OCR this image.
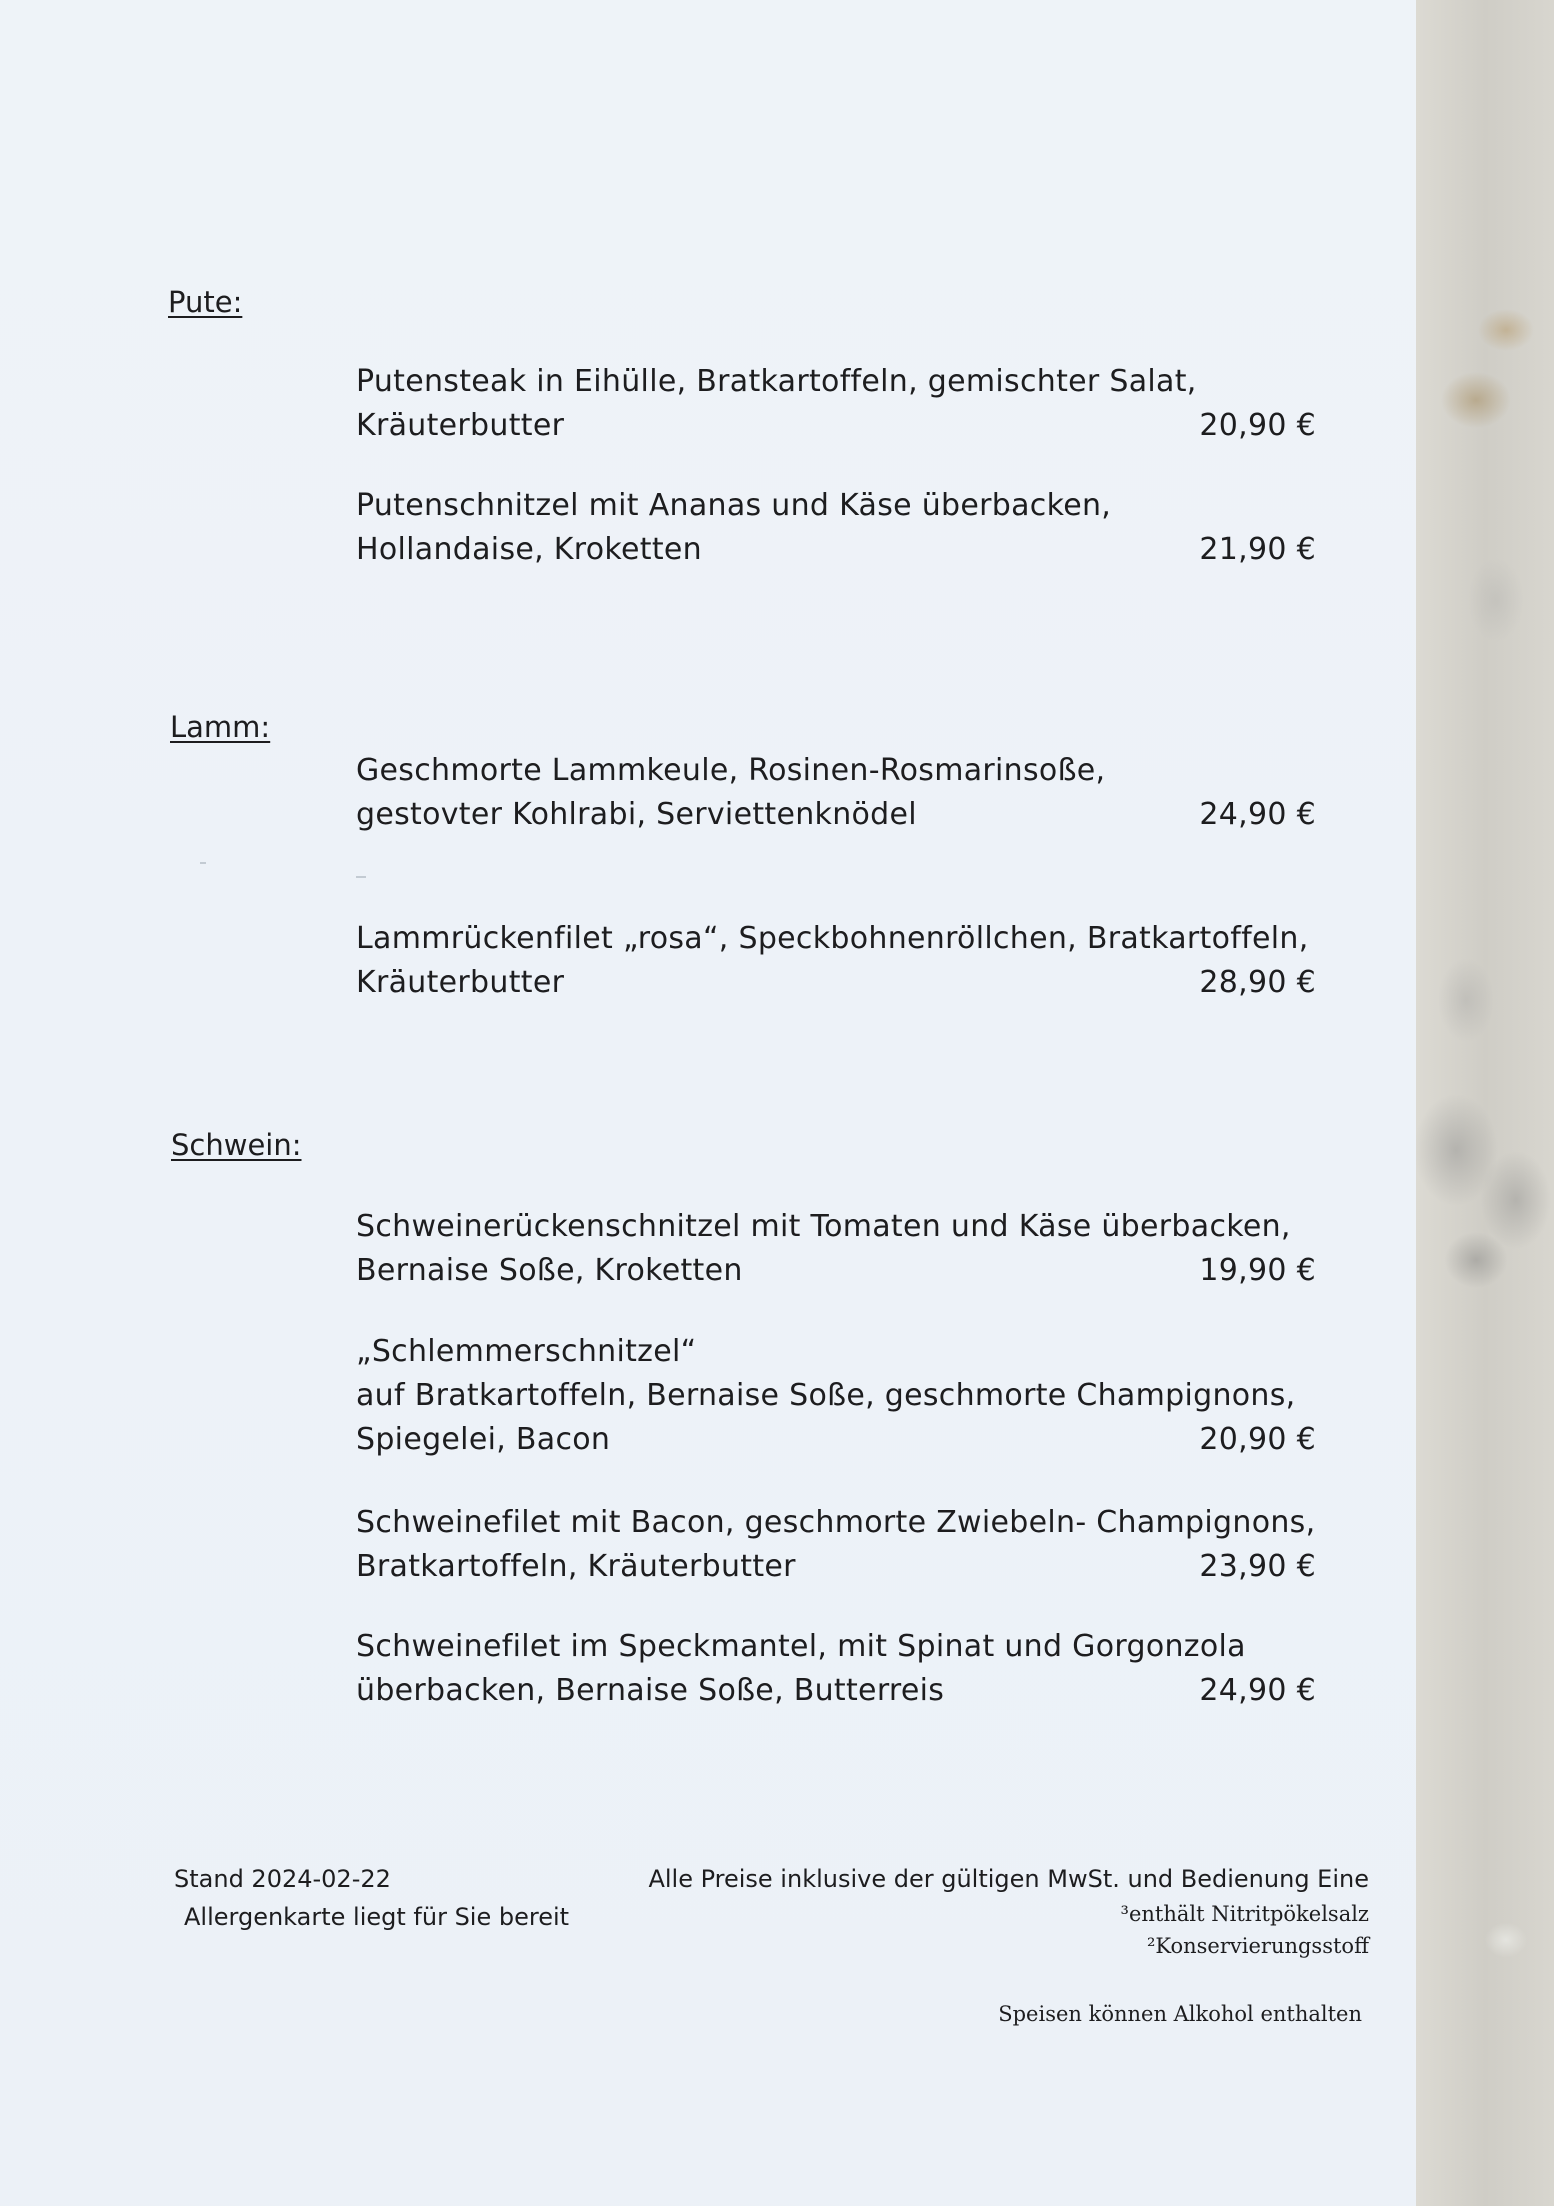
Pute:
Putensteak in Eihülle, Bratkartoffeln, gemischter Salat,
Kräuterbutter	20,90 €
Putenschnitzel mit Ananas und Käse überbacken,
Hollandaise, Kroketten	21,90 €
Lamm:
Geschmorte Lammkeule, Rosinen-Rosmarinsoße,
gestovter Kohlrabi, Serviettenknödel	24,90 €
Lammrückenfilet „rosa“, Speckbohnenröllchen, Bratkartoffeln,
Kräuterbutter	28,90 €
Schwein:
Schweinerückenschnitzel mit Tomaten und Käse überbacken,
Bernaise Soße, Kroketten	19,90 €
„Schlemmerschnitzel“
auf Bratkartoffeln, Bernaise Soße, geschmorte Champignons,
Spiegelei, Bacon	20,90 €
Schweinefilet mit Bacon, geschmorte Zwiebeln- Champignons,
Bratkartoffeln, Kräuterbutter	23,90 €
Schweinefilet im Speckmantel, mit Spinat und Gorgonzola
überbacken, Bernaise Soße, Butterreis	24,90 €
Stand 2024-02-22
Allergenkarte liegt für Sie bereit
Alle Preise inklusive der gültigen MwSt. und Bedienung Eine
³enthält Nitritpökelsalz
²Konservierungsstoff
Speisen können Alkohol enthalten
